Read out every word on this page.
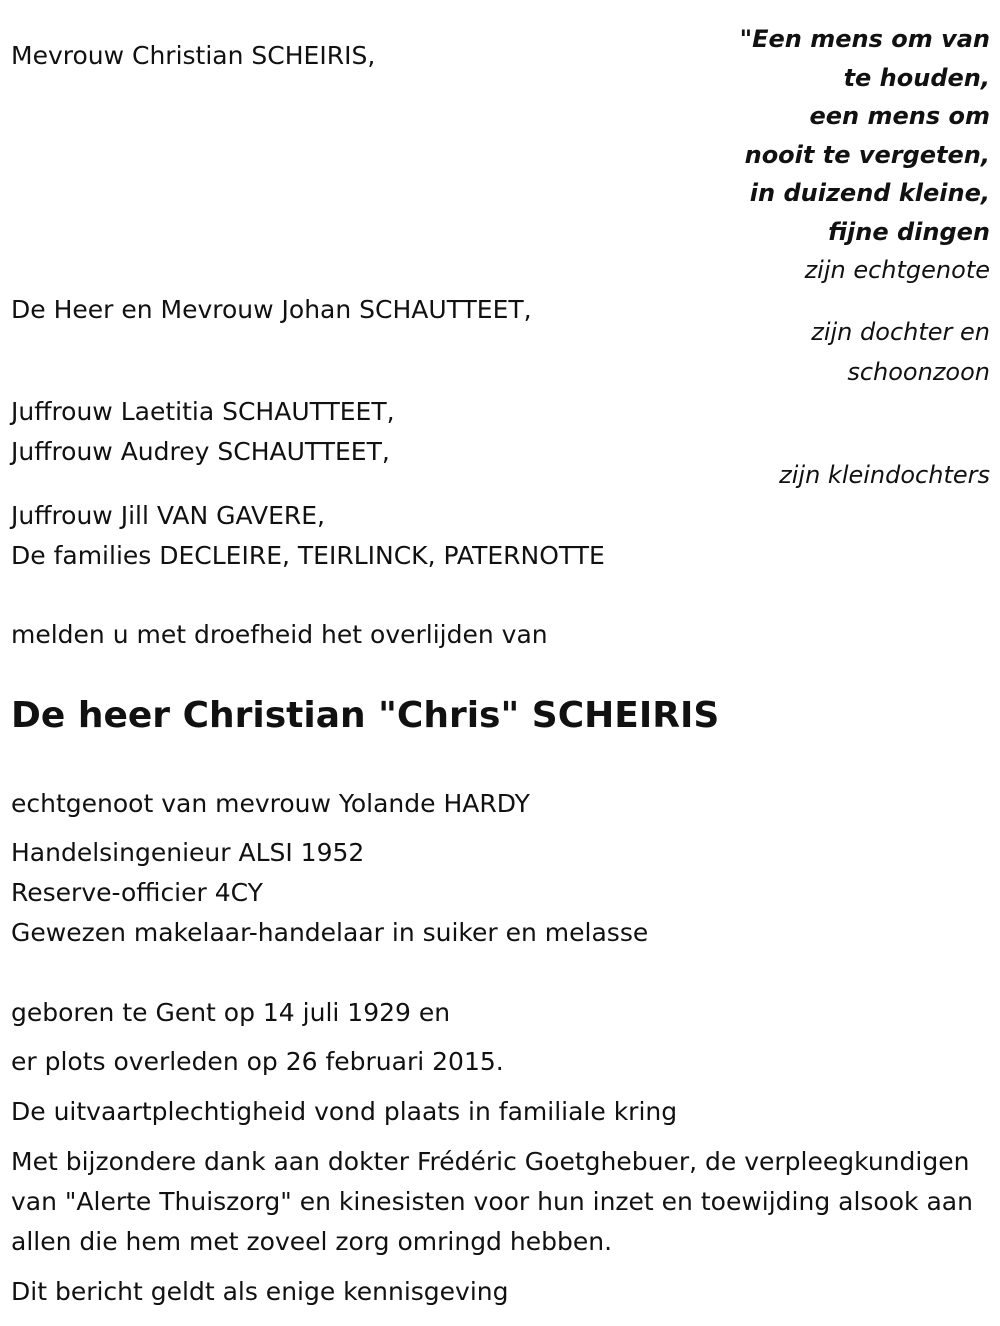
"Een mens om van
te houden,
een mens om
nooit te vergeten,
in duizend kleine,
fijne dingen
Mevrouw Christian SCHEIRIS,
zijn echtgenote
De Heer en Mevrouw Johan SCHAUTTEET,
zijn dochter en
schoonzoon
Juffrouw Laetitia SCHAUTTEET,
Juffrouw Audrey SCHAUTTEET,
zijn kleindochters
Juffrouw Jill VAN GAVERE,
De families DECLEIRE, TEIRLINCK, PATERNOTTE
melden u met droefheid het overlijden van
De heer Christian "Chris" SCHEIRIS
echtgenoot van mevrouw Yolande HARDY
Handelsingenieur ALSI 1952
Reserve-officier 4CY
Gewezen makelaar-handelaar in suiker en melasse
geboren te Gent op 14 juli 1929 en
er plots overleden op 26 februari 2015.
De uitvaartplechtigheid vond plaats in familiale kring
Met bijzondere dank aan dokter Frédéric Goetghebuer, de verpleegkundigen van "Alerte Thuiszorg" en kinesisten voor hun inzet en toewijding alsook aan allen die hem met zoveel zorg omringd hebben.
Dit bericht geldt als enige kennisgeving
